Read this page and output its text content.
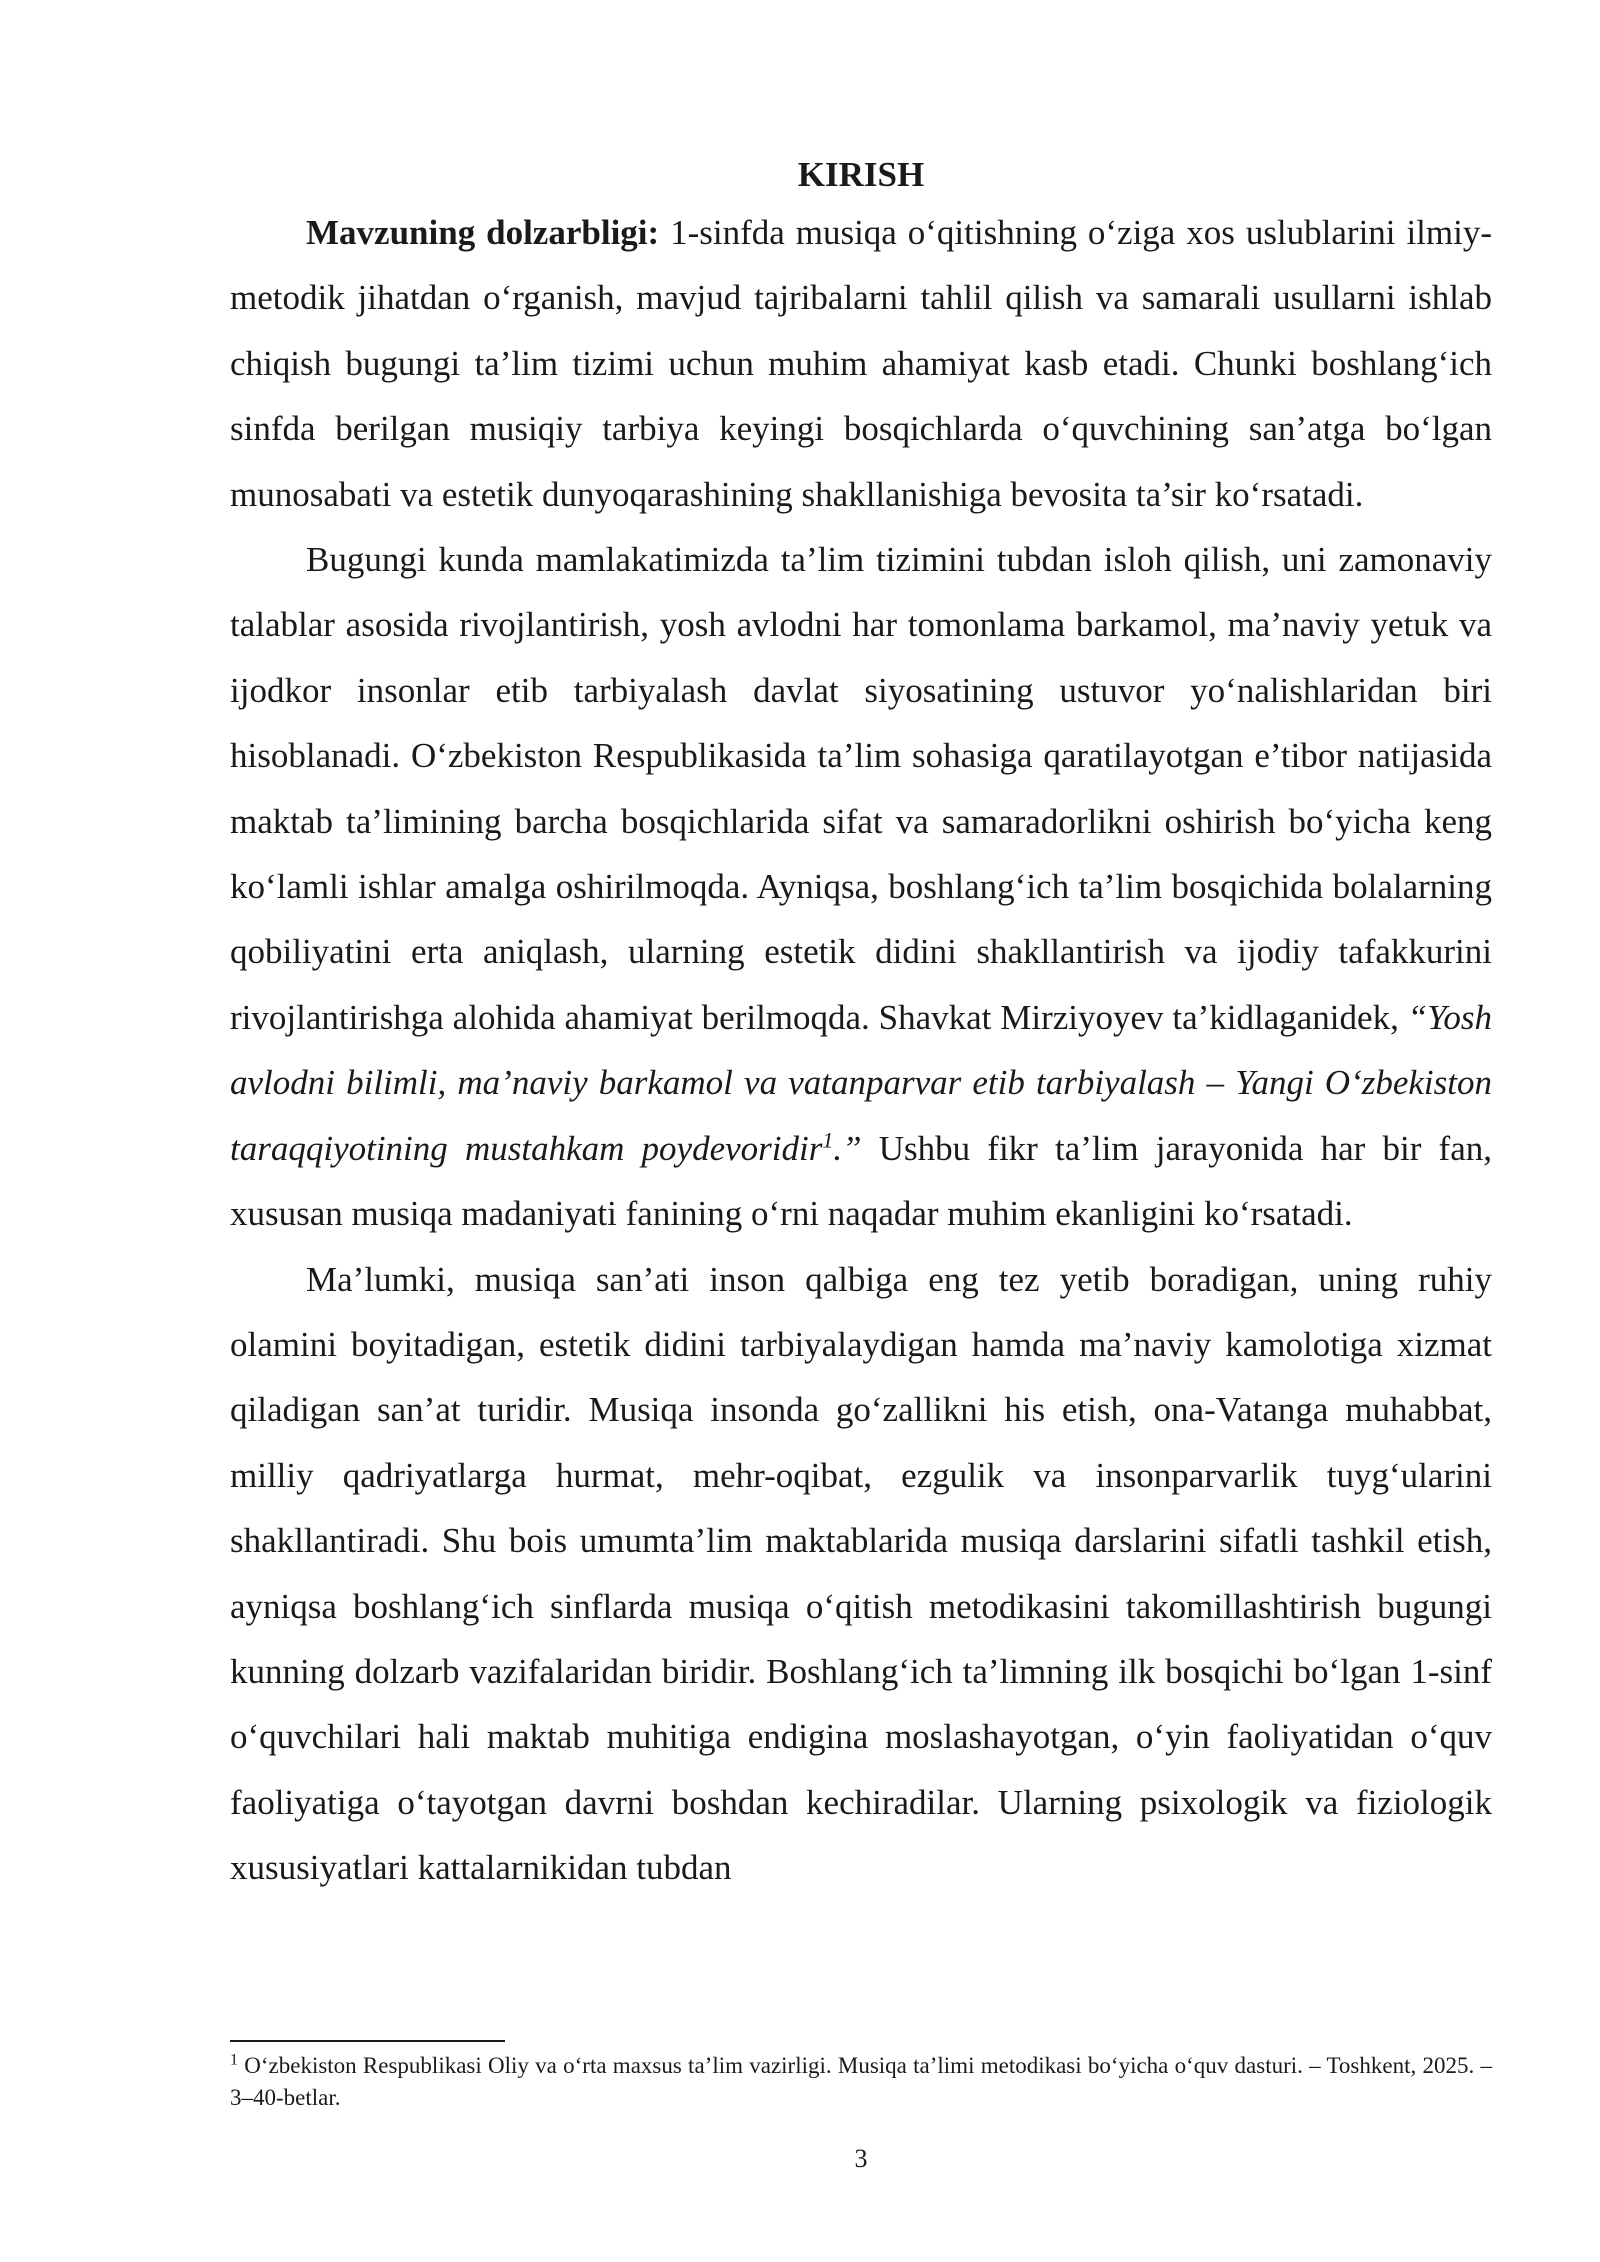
KIRISH

Mavzuning dolzarbligi: 1-sinfda musiqa o‘qitishning o‘ziga xos uslublarini ilmiy-metodik jihatdan o‘rganish, mavjud tajribalarni tahlil qilish va samarali usullarni ishlab chiqish bugungi ta’lim tizimi uchun muhim ahamiyat kasb etadi. Chunki boshlang‘ich sinfda berilgan musiqiy tarbiya keyingi bosqichlarda o‘quvchining san’atga bo‘lgan munosabati va estetik dunyoqarashining shakllanishiga bevosita ta’sir ko‘rsatadi.

Bugungi kunda mamlakatimizda ta’lim tizimini tubdan isloh qilish, uni zamonaviy talablar asosida rivojlantirish, yosh avlodni har tomonlama barkamol, ma’naviy yetuk va ijodkor insonlar etib tarbiyalash davlat siyosatining ustuvor yo‘nalishlaridan biri hisoblanadi. O‘zbekiston Respublikasida ta’lim sohasiga qaratilayotgan e’tibor natijasida maktab ta’limining barcha bosqichlarida sifat va samaradorlikni oshirish bo‘yicha keng ko‘lamli ishlar amalga oshirilmoqda. Ayniqsa, boshlang‘ich ta’lim bosqichida bolalarning qobiliyatini erta aniqlash, ularning estetik didini shakllantirish va ijodiy tafakkurini rivojlantirishga alohida ahamiyat berilmoqda. Shavkat Mirziyoyev ta’kidlaganidek, “Yosh avlodni bilimli, ma’naviy barkamol va vatanparvar etib tarbiyalash – Yangi O‘zbekiston taraqqiyotining mustahkam poydevoridir$^1$.” Ushbu fikr ta’lim jarayonida har bir fan, xususan musiqa madaniyati fanining o‘rni naqadar muhim ekanligini ko‘rsatadi.

Ma’lumki, musiqa san’ati inson qalbiga eng tez yetib boradigan, uning ruhiy olamini boyitadigan, estetik didini tarbiyalaydigan hamda ma’naviy kamolotiga xizmat qiladigan san’at turidir. Musiqa insonda go‘zallikni his etish, ona-Vatanga muhabbat, milliy qadriyatlarga hurmat, mehr-oqibat, ezgulik va insonparvarlik tuyg‘ularini shakllantiradi. Shu bois umumta’lim maktablarida musiqa darslarini sifatli tashkil etish, ayniqsa boshlang‘ich sinflarda musiqa o‘qitish metodikasini takomillashtirish bugungi kunning dolzarb vazifalaridan biridir. Boshlang‘ich ta’limning ilk bosqichi bo‘lgan 1-sinf o‘quvchilari hali maktab muhitiga endigina moslashayotgan, o‘yin faoliyatidan o‘quv faoliyatiga o‘tayotgan davrni boshdan kechiradilar. Ularning psixologik va fiziologik xususiyatlari kattalarnikidan tubdan

$^1$ O‘zbekiston Respublikasi Oliy va o‘rta maxsus ta’lim vazirligi. Musiqa ta’limi metodikasi bo‘yicha o‘quv dasturi. – Toshkent, 2025. – 3–40-betlar.

3
